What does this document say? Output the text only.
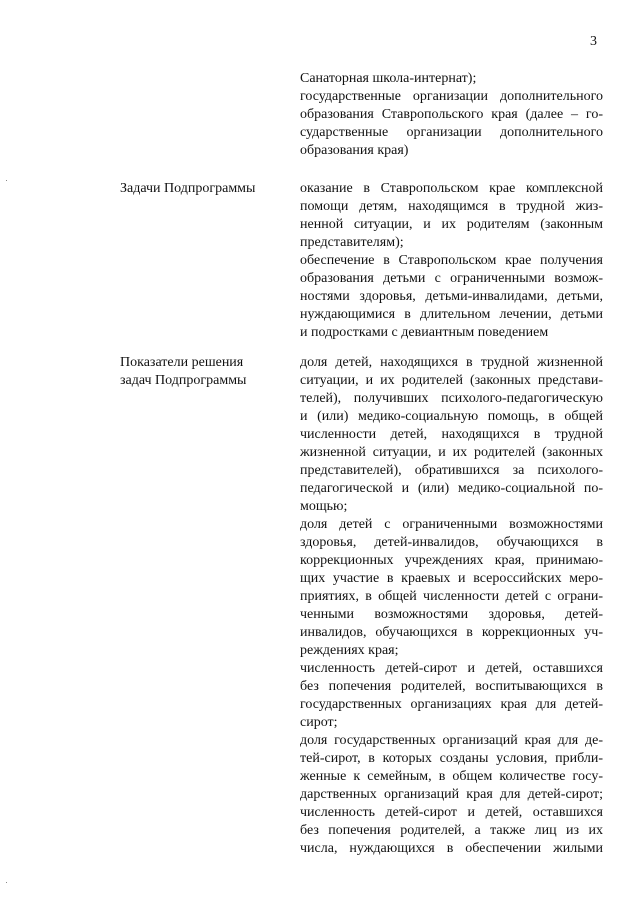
3
Санаторная школа-интернат);
государственные организации дополнительного
образования Ставропольского края (далее – го-
сударственные организации дополнительного
образования края)
Задачи Подпрограммы	оказание в Ставропольском крае комплексной
помощи детям, находящимся в трудной жиз-
ненной ситуации, и их родителям (законным
представителям);
обеспечение в Ставропольском крае получения
образования детьми с ограниченными возмож-
ностями здоровья, детьми-инвалидами, детьми,
нуждающимися в длительном лечении, детьми
и подростками с девиантным поведением
Показатели решения
задач Подпрограммы
доля детей, находящихся в трудной жизненной
ситуации, и их родителей (законных представи-
телей), получивших психолого-педагогическую
и (или) медико-социальную помощь, в общей
численности детей, находящихся в трудной
жизненной ситуации, и их родителей (законных
представителей), обратившихся за психолого-
педагогической и (или) медико-социальной по-
мощью;
доля детей с ограниченными возможностями
здоровья, детей-инвалидов, обучающихся в
коррекционных учреждениях края, принимаю-
щих участие в краевых и всероссийских меро-
приятиях, в общей численности детей с ограни-
ченными возможностями здоровья, детей-
инвалидов, обучающихся в коррекционных уч-
реждениях края;
численность детей-сирот и детей, оставшихся
без попечения родителей, воспитывающихся в
государственных организациях края для детей-
сирот;
доля государственных организаций края для де-
тей-сирот, в которых созданы условия, прибли-
женные к семейным, в общем количестве госу-
дарственных организаций края для детей-сирот;
численность детей-сирот и детей, оставшихся
без попечения родителей, а также лиц из их
числа, нуждающихся в обеспечении жилыми
